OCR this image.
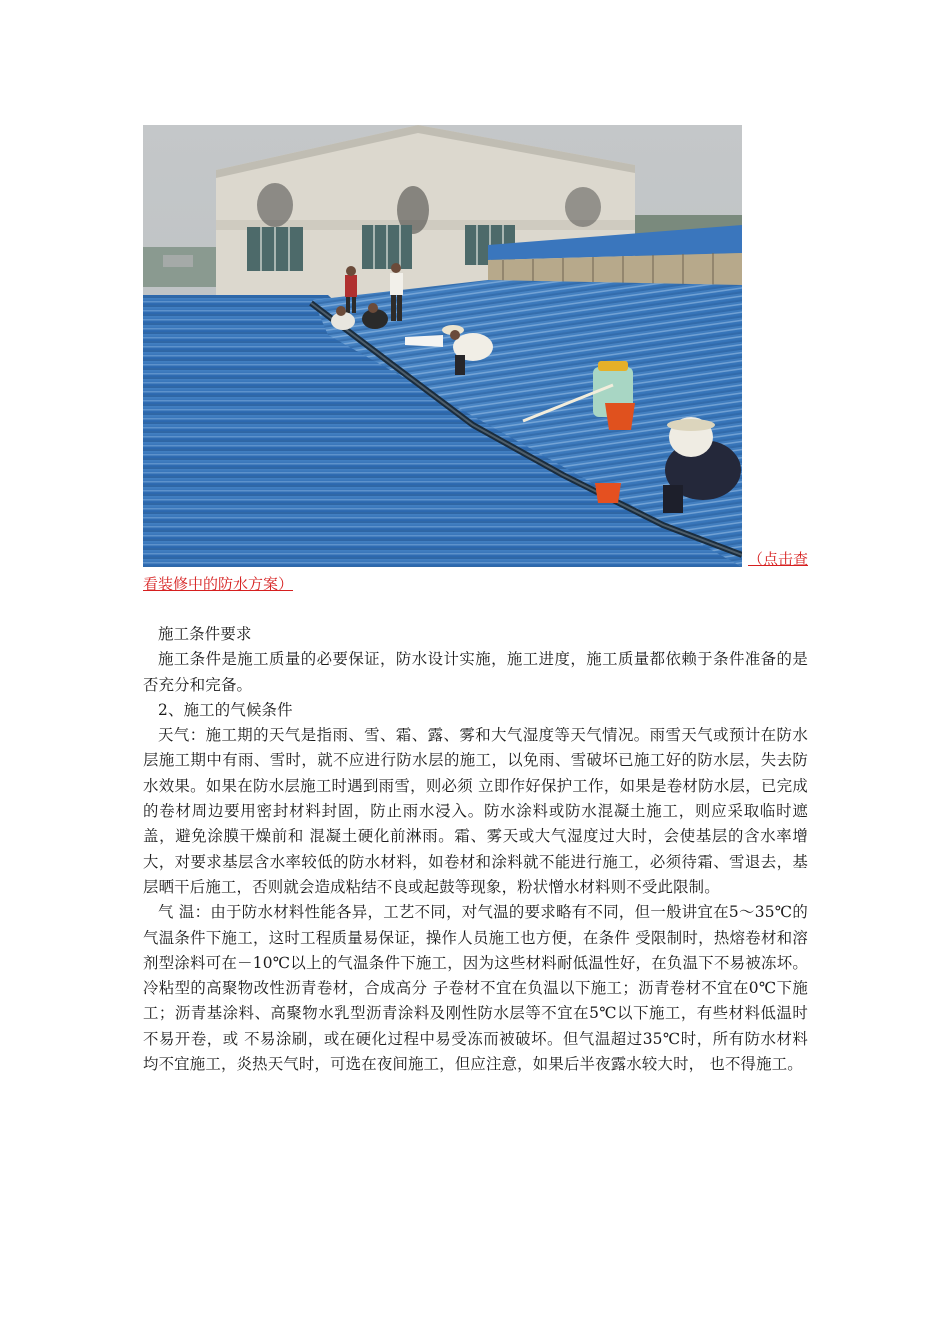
（点击查
看装修中的防水方案）

施工条件要求

施工条件是施工质量的必要保证，防水设计实施，施工进度，施工质量都依赖于条件准备的是否充分和完备。

2、施工的气候条件

天气：施工期的天气是指雨、雪、霜、露、雾和大气湿度等天气情况。雨雪天气或预计在防水层施工期中有雨、雪时，就不应进行防水层的施工，以免雨、雪破坏已施工好的防水层，失去防水效果。如果在防水层施工时遇到雨雪，则必须 立即作好保护工作，如果是卷材防水层，已完成的卷材周边要用密封材料封固，防止雨水浸入。防水涂料或防水混凝土施工，则应采取临时遮盖，避免涂膜干燥前和 混凝土硬化前淋雨。霜、雾天或大气湿度过大时，会使基层的含水率增大，对要求基层含水率较低的防水材料，如卷材和涂料就不能进行施工，必须待霜、雪退去，基层晒干后施工，否则就会造成粘结不良或起鼓等现象，粉状憎水材料则不受此限制。

气 温：由于防水材料性能各异，工艺不同，对气温的要求略有不同，但一般讲宜在5～35℃的气温条件下施工，这时工程质量易保证，操作人员施工也方便，在条件 受限制时，热熔卷材和溶剂型涂料可在－10℃以上的气温条件下施工，因为这些材料耐低温性好，在负温下不易被冻坏。冷粘型的高聚物改性沥青卷材，合成高分 子卷材不宜在负温以下施工；沥青卷材不宜在0℃下施工；沥青基涂料、高聚物水乳型沥青涂料及刚性防水层等不宜在5℃以下施工，有些材料低温时不易开卷，或 不易涂刷，或在硬化过程中易受冻而被破坏。但气温超过35℃时，所有防水材料均不宜施工，炎热天气时，可选在夜间施工，但应注意，如果后半夜露水较大时， 也不得施工。
